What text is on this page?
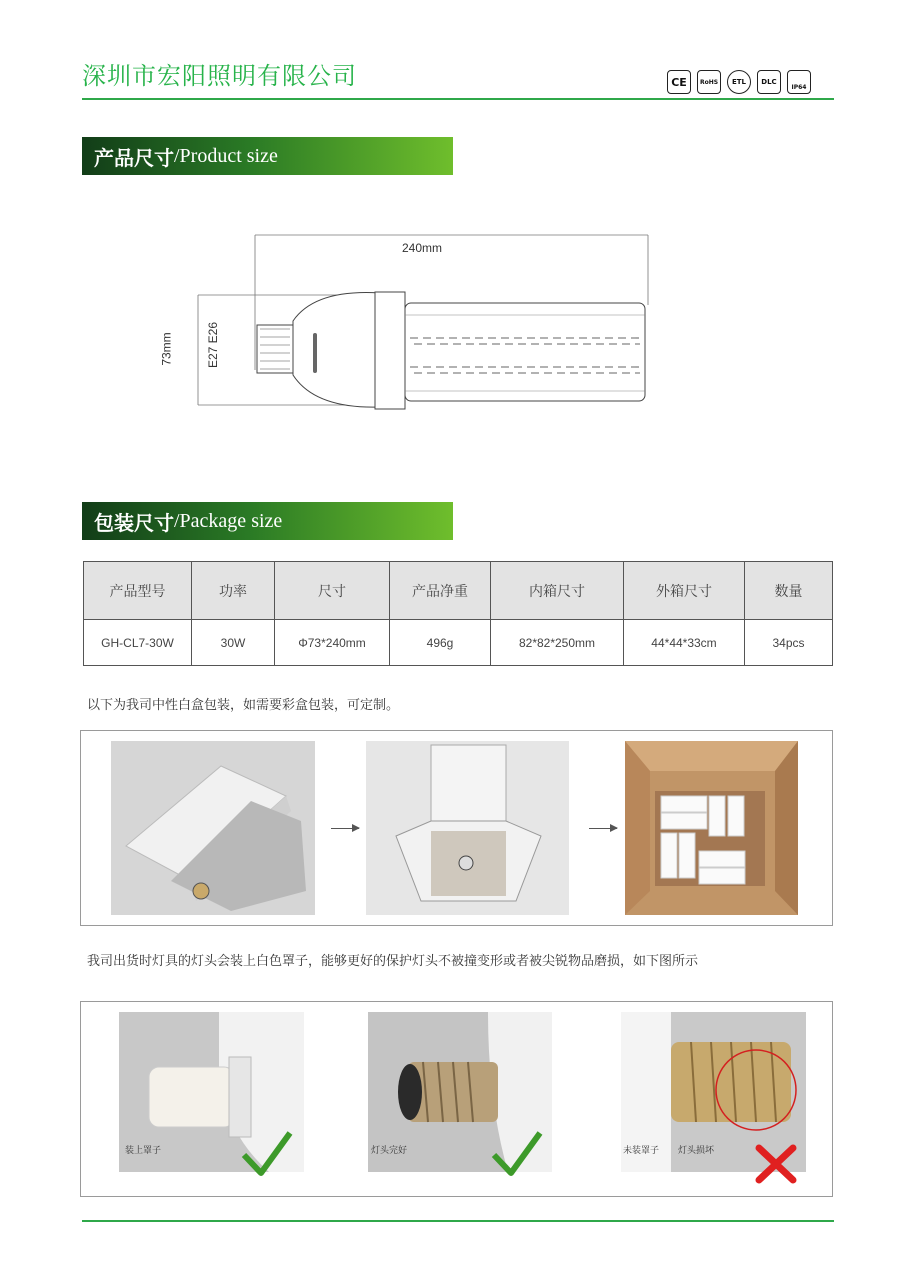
深圳市宏阳照明有限公司	CE	RoHS	ETL	DLC
IP64
产品尺寸 /Product size
240mm
73mm	E27 E26
包装尺寸 /Package size
产品型号	功率	尺寸	产品净重	内箱尺寸	外箱尺寸	数量
GH-CL7-30W	30W	Φ73*240mm	496g	82*82*250mm	44*44*33cm	34pcs
以下为我司中性白盒包装，如需要彩盒包装，可定制。
我司出货时灯具的灯头会装上白色罩子，能够更好的保护灯头不被撞变形或者被尖锐物品磨损，如下图所示
装上罩子	灯头完好	未装罩子 灯头损坏
